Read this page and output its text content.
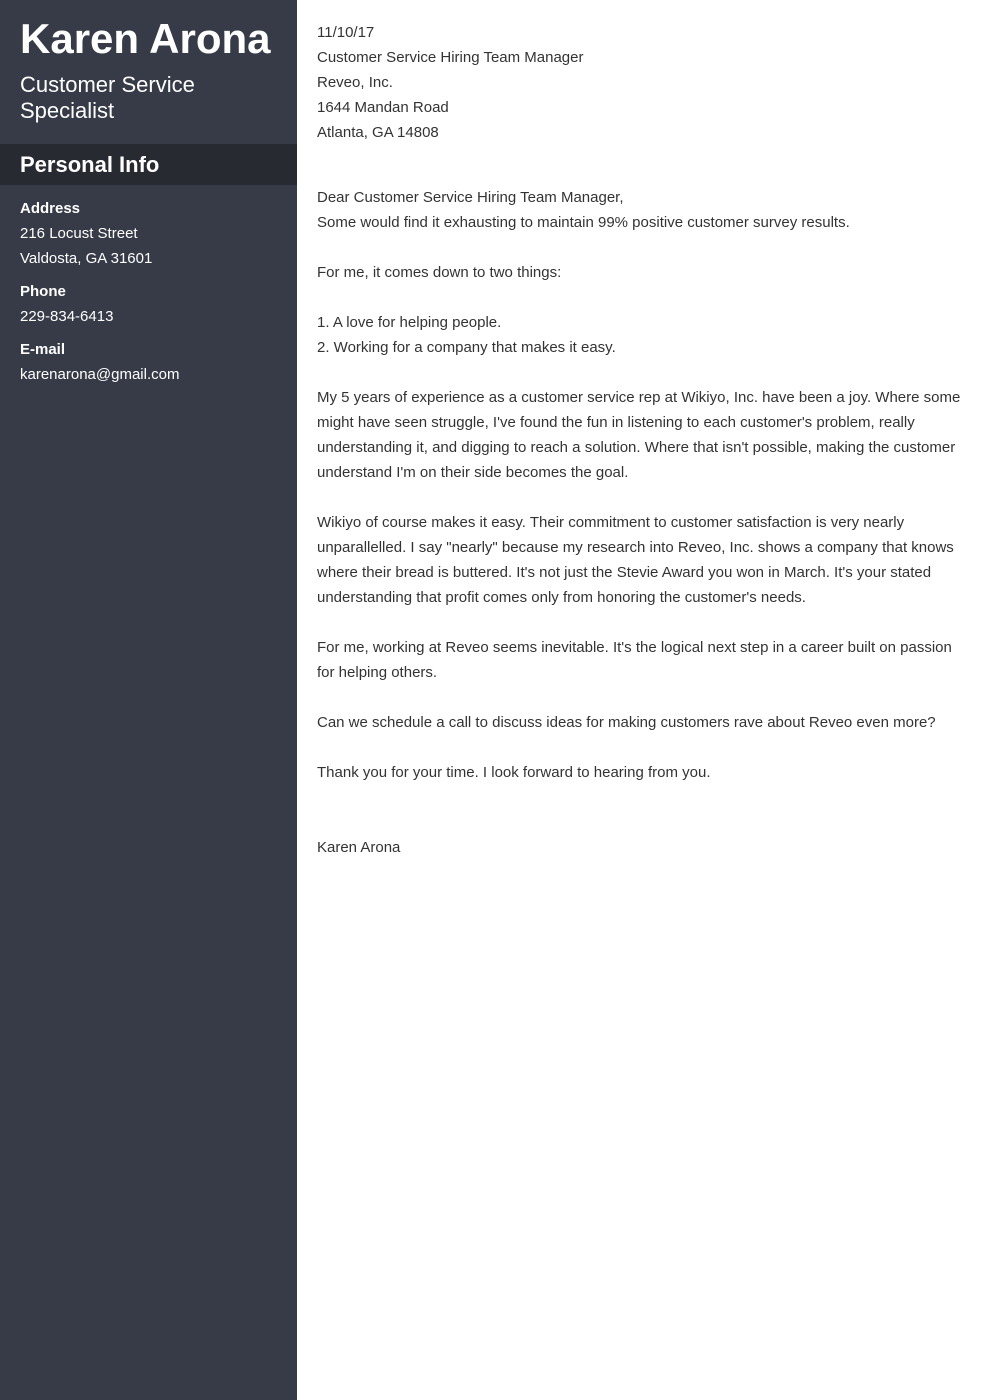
Karen Arona
Customer Service Specialist
Personal Info
Address
216 Locust Street
Valdosta, GA 31601
Phone
229-834-6413
E-mail
karenarona@gmail.com

11/10/17

Customer Service Hiring Team Manager

Reveo, Inc.

1644 Mandan Road

Atlanta, GA 14808

Dear Customer Service Hiring Team Manager,

Some would find it exhausting to maintain 99% positive customer survey results.

For me, it comes down to two things:

1. A love for helping people.

2. Working for a company that makes it easy.

My 5 years of experience as a customer service rep at Wikiyo, Inc. have been a joy. Where some might have seen struggle, I've found the fun in listening to each customer's problem, really understanding it, and digging to reach a solution. Where that isn't possible, making the customer understand I'm on their side becomes the goal.

Wikiyo of course makes it easy. Their commitment to customer satisfaction is very nearly unparallelled. I say "nearly" because my research into Reveo, Inc. shows a company that knows where their bread is buttered. It's not just the Stevie Award you won in March. It's your stated understanding that profit comes only from honoring the customer's needs.

For me, working at Reveo seems inevitable. It's the logical next step in a career built on passion for helping others.

Can we schedule a call to discuss ideas for making customers rave about Reveo even more?

Thank you for your time. I look forward to hearing from you.

Karen Arona
